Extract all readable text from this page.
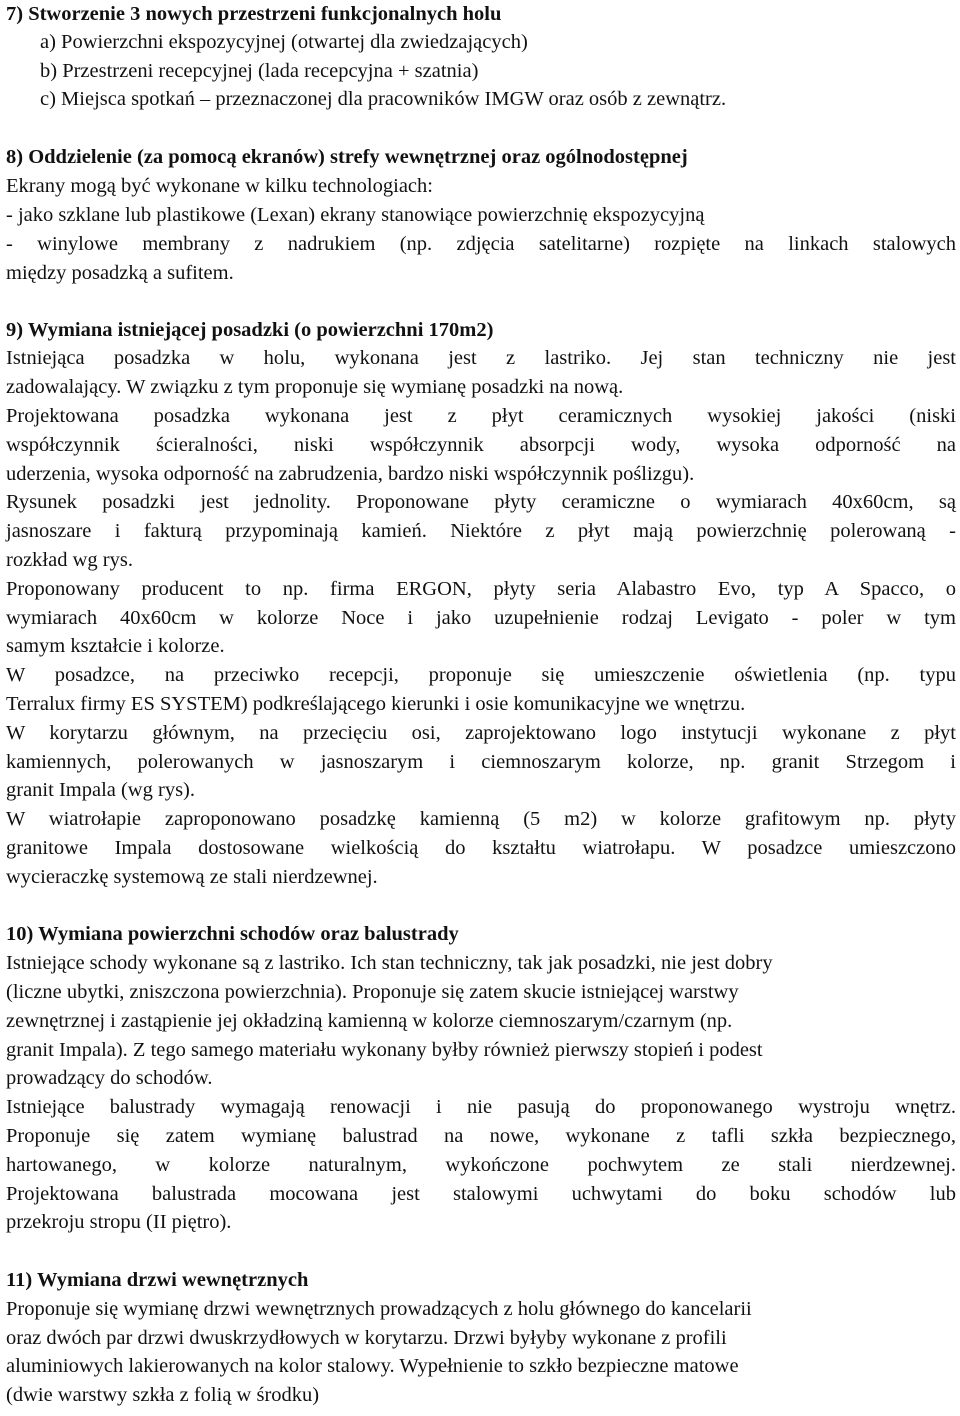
7) Stworzenie 3 nowych przestrzeni funkcjonalnych holu
a) Powierzchni ekspozycyjnej (otwartej dla zwiedzających)
b) Przestrzeni recepcyjnej (lada recepcyjna + szatnia)
c) Miejsca spotkań – przeznaczonej dla pracowników IMGW oraz osób z zewnątrz.
8) Oddzielenie (za pomocą ekranów) strefy wewnętrznej oraz ogólnodostępnej
Ekrany mogą być wykonane w kilku technologiach:
- jako szklane lub plastikowe (Lexan) ekrany stanowiące powierzchnię ekspozycyjną
- winylowe membrany z nadrukiem (np. zdjęcia satelitarne) rozpięte na linkach stalowych
między posadzką a sufitem.
9) Wymiana istniejącej posadzki (o powierzchni 170m2)
Istniejąca posadzka w holu, wykonana jest z lastriko. Jej stan techniczny nie jest
zadowalający. W związku z tym proponuje się wymianę posadzki na nową.
Projektowana posadzka wykonana jest z płyt ceramicznych wysokiej jakości (niski
współczynnik ścieralności, niski współczynnik absorpcji wody, wysoka odporność na
uderzenia, wysoka odporność na zabrudzenia, bardzo niski współczynnik poślizgu).
Rysunek posadzki jest jednolity. Proponowane płyty ceramiczne o wymiarach 40x60cm, są
jasnoszare i fakturą przypominają kamień. Niektóre z płyt mają powierzchnię polerowaną -
rozkład wg rys.
Proponowany producent to np. firma ERGON, płyty seria Alabastro Evo, typ A Spacco, o
wymiarach 40x60cm w kolorze Noce i jako uzupełnienie rodzaj Levigato - poler w tym
samym kształcie i kolorze.
W posadzce, na przeciwko recepcji, proponuje się umieszczenie oświetlenia (np. typu
Terralux firmy ES SYSTEM) podkreślającego kierunki i osie komunikacyjne we wnętrzu.
W korytarzu głównym, na przecięciu osi, zaprojektowano logo instytucji wykonane z płyt
kamiennych, polerowanych w jasnoszarym i ciemnoszarym kolorze, np. granit Strzegom i
granit Impala (wg rys).
W wiatrołapie zaproponowano posadzkę kamienną (5 m2) w kolorze grafitowym np. płyty
granitowe Impala dostosowane wielkością do kształtu wiatrołapu. W posadzce umieszczono
wycieraczkę systemową ze stali nierdzewnej.
10) Wymiana powierzchni schodów oraz balustrady
Istniejące schody wykonane są z lastriko. Ich stan techniczny, tak jak posadzki, nie jest dobry
(liczne ubytki, zniszczona powierzchnia). Proponuje się zatem skucie istniejącej warstwy
zewnętrznej i zastąpienie jej okładziną kamienną w kolorze ciemnoszarym/czarnym (np.
granit Impala). Z tego samego materiału wykonany byłby również pierwszy stopień i podest
prowadzący do schodów.
Istniejące balustrady wymagają renowacji i nie pasują do proponowanego wystroju wnętrz.
Proponuje się zatem wymianę balustrad na nowe, wykonane z tafli szkła bezpiecznego,
hartowanego, w kolorze naturalnym, wykończone pochwytem ze stali nierdzewnej.
Projektowana balustrada mocowana jest stalowymi uchwytami do boku schodów lub
przekroju stropu (II piętro).
11) Wymiana drzwi wewnętrznych
Proponuje się wymianę drzwi wewnętrznych prowadzących z holu głównego do kancelarii
oraz dwóch par drzwi dwuskrzydłowych w korytarzu. Drzwi byłyby wykonane z profili
aluminiowych lakierowanych na kolor stalowy. Wypełnienie to szkło bezpieczne matowe
(dwie warstwy szkła z folią w środku)
